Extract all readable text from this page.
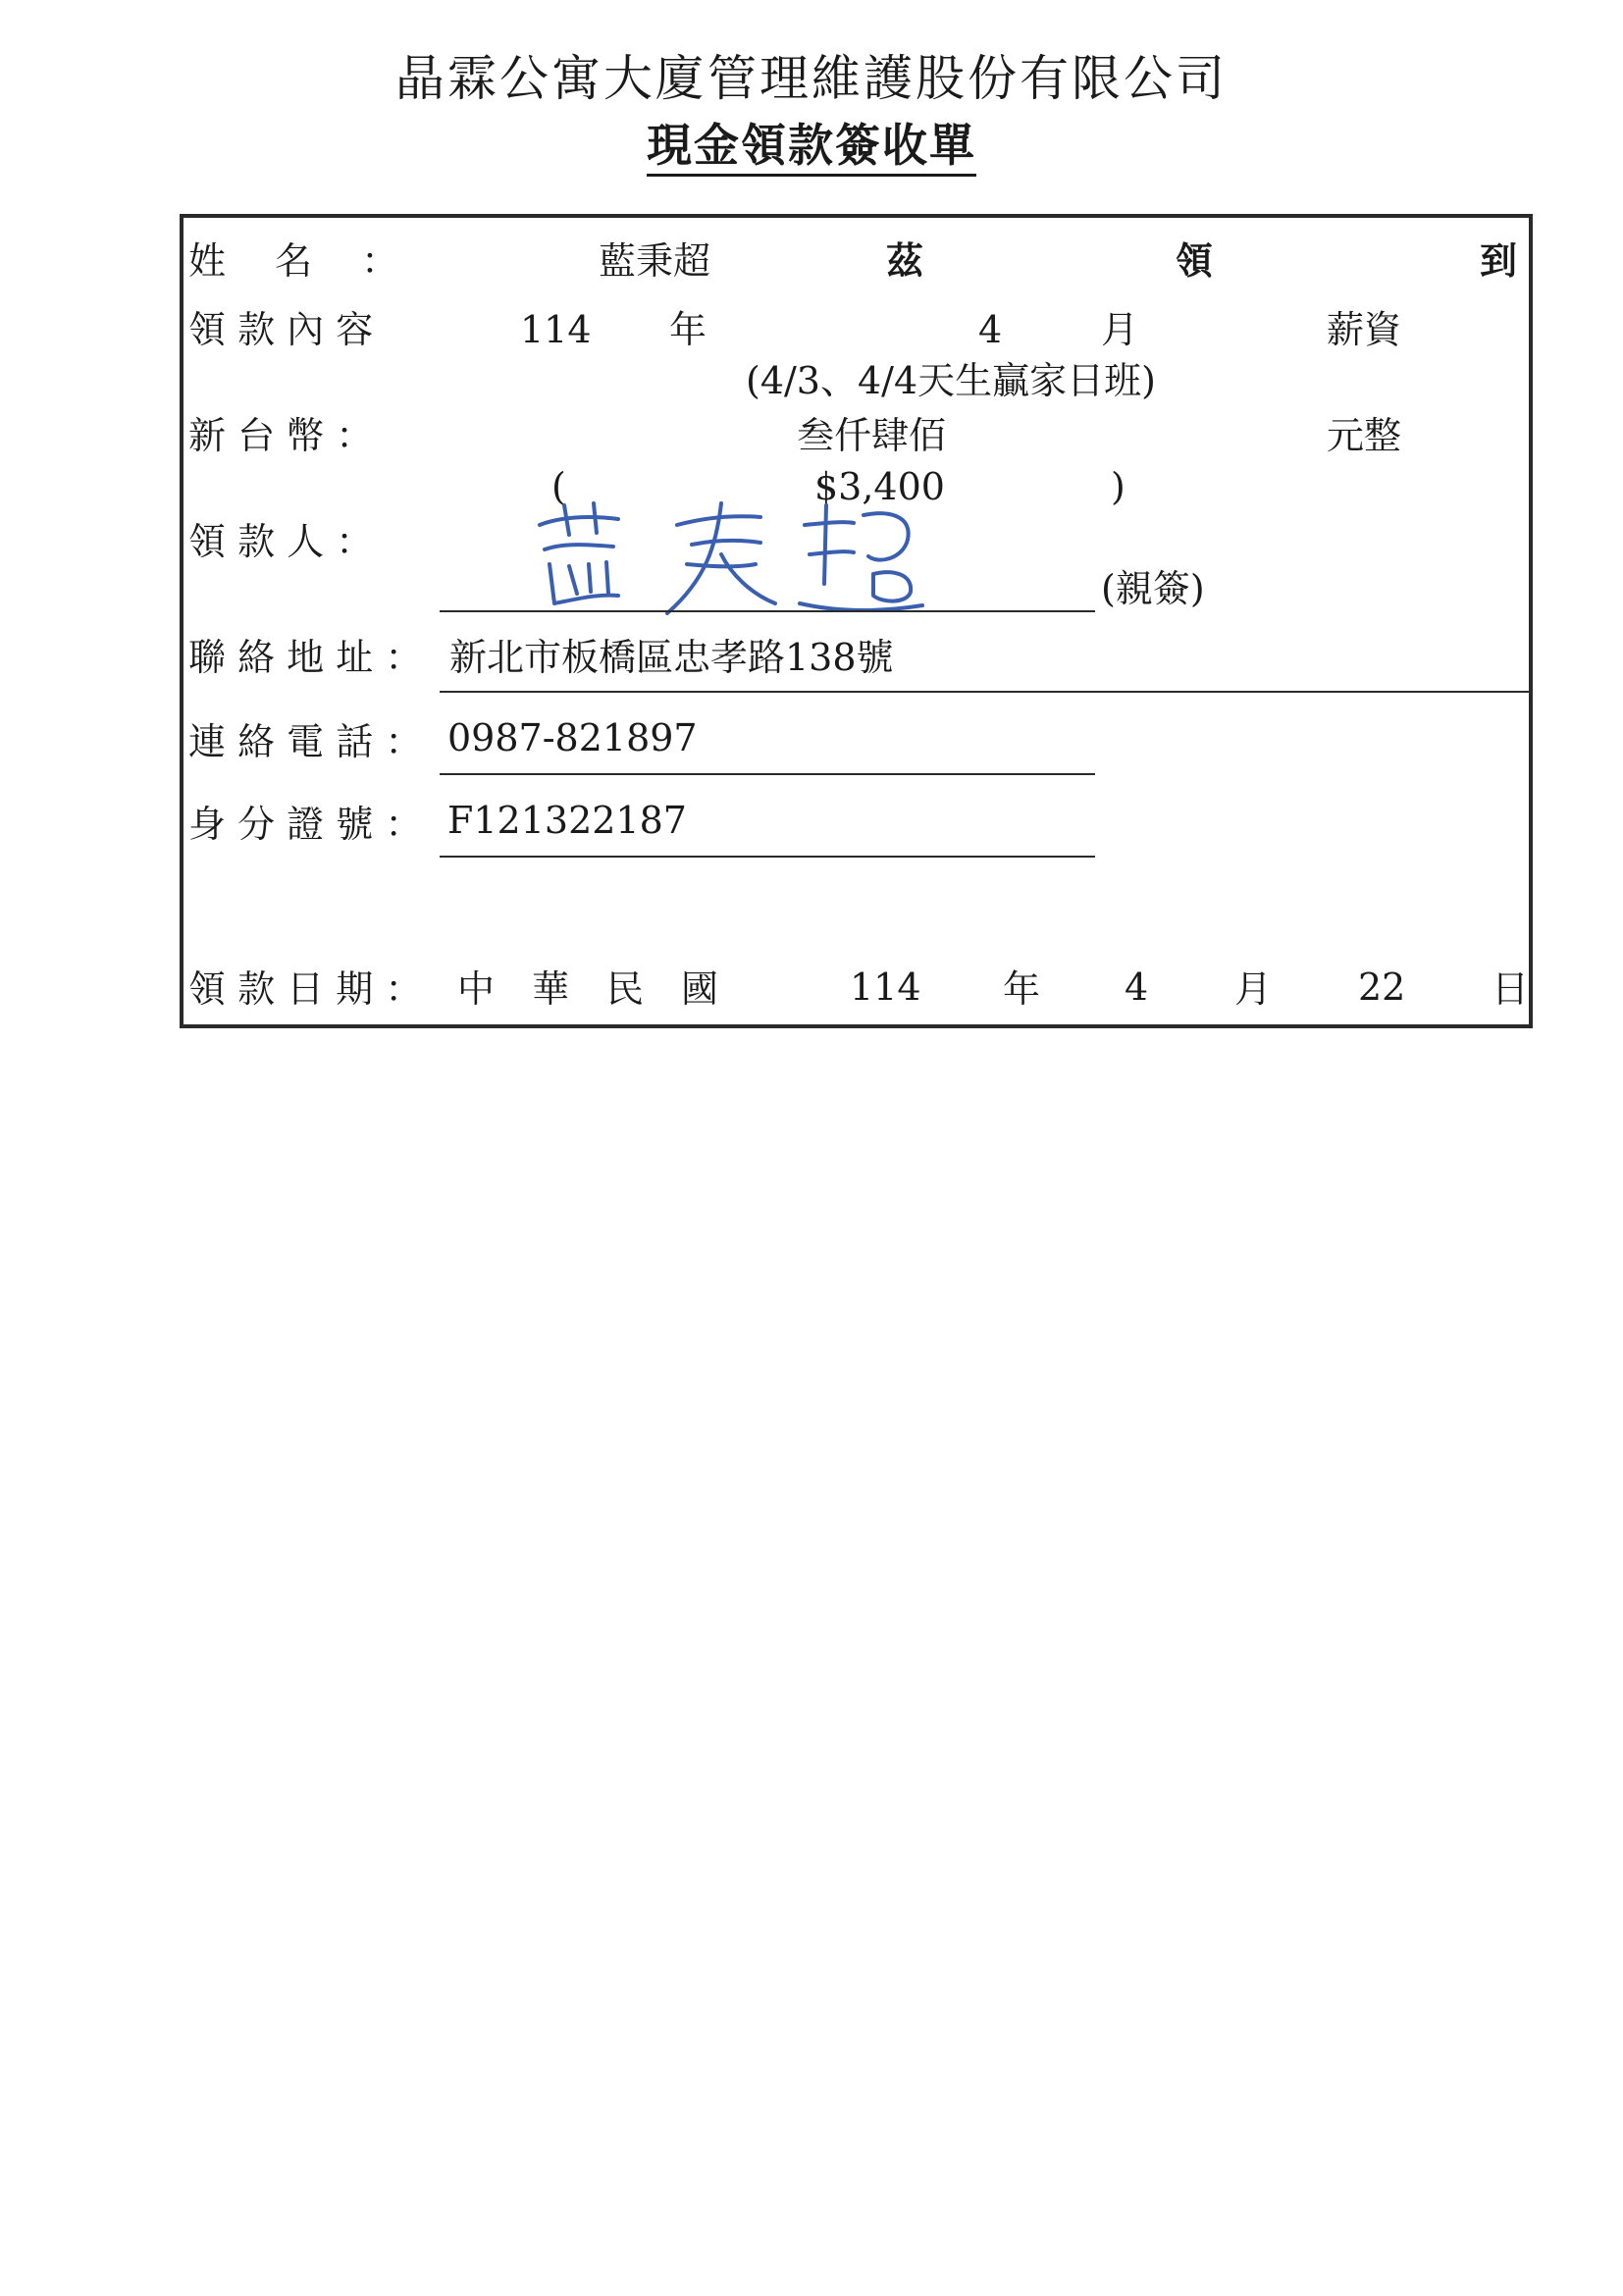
晶霖公寓大廈管理維護股份有限公司
現金領款簽收單
姓　 名　 ：	藍秉超	茲	領	到
領 款 內 容	114 年	4	月	薪資
(4/3、4/4天生贏家日班)
新 台 幣 ：	叁仟肆佰	元整
(	$3,400	)
領 款 人 ：
(親簽)
聯 絡 地 址 ： 新北市板橋區忠孝路138號
連 絡 電 話 ： 0987-821897
身 分 證 號 ： F121322187
領 款 日 期 ： 中　華　民　國	114 年 4 月 22 日
